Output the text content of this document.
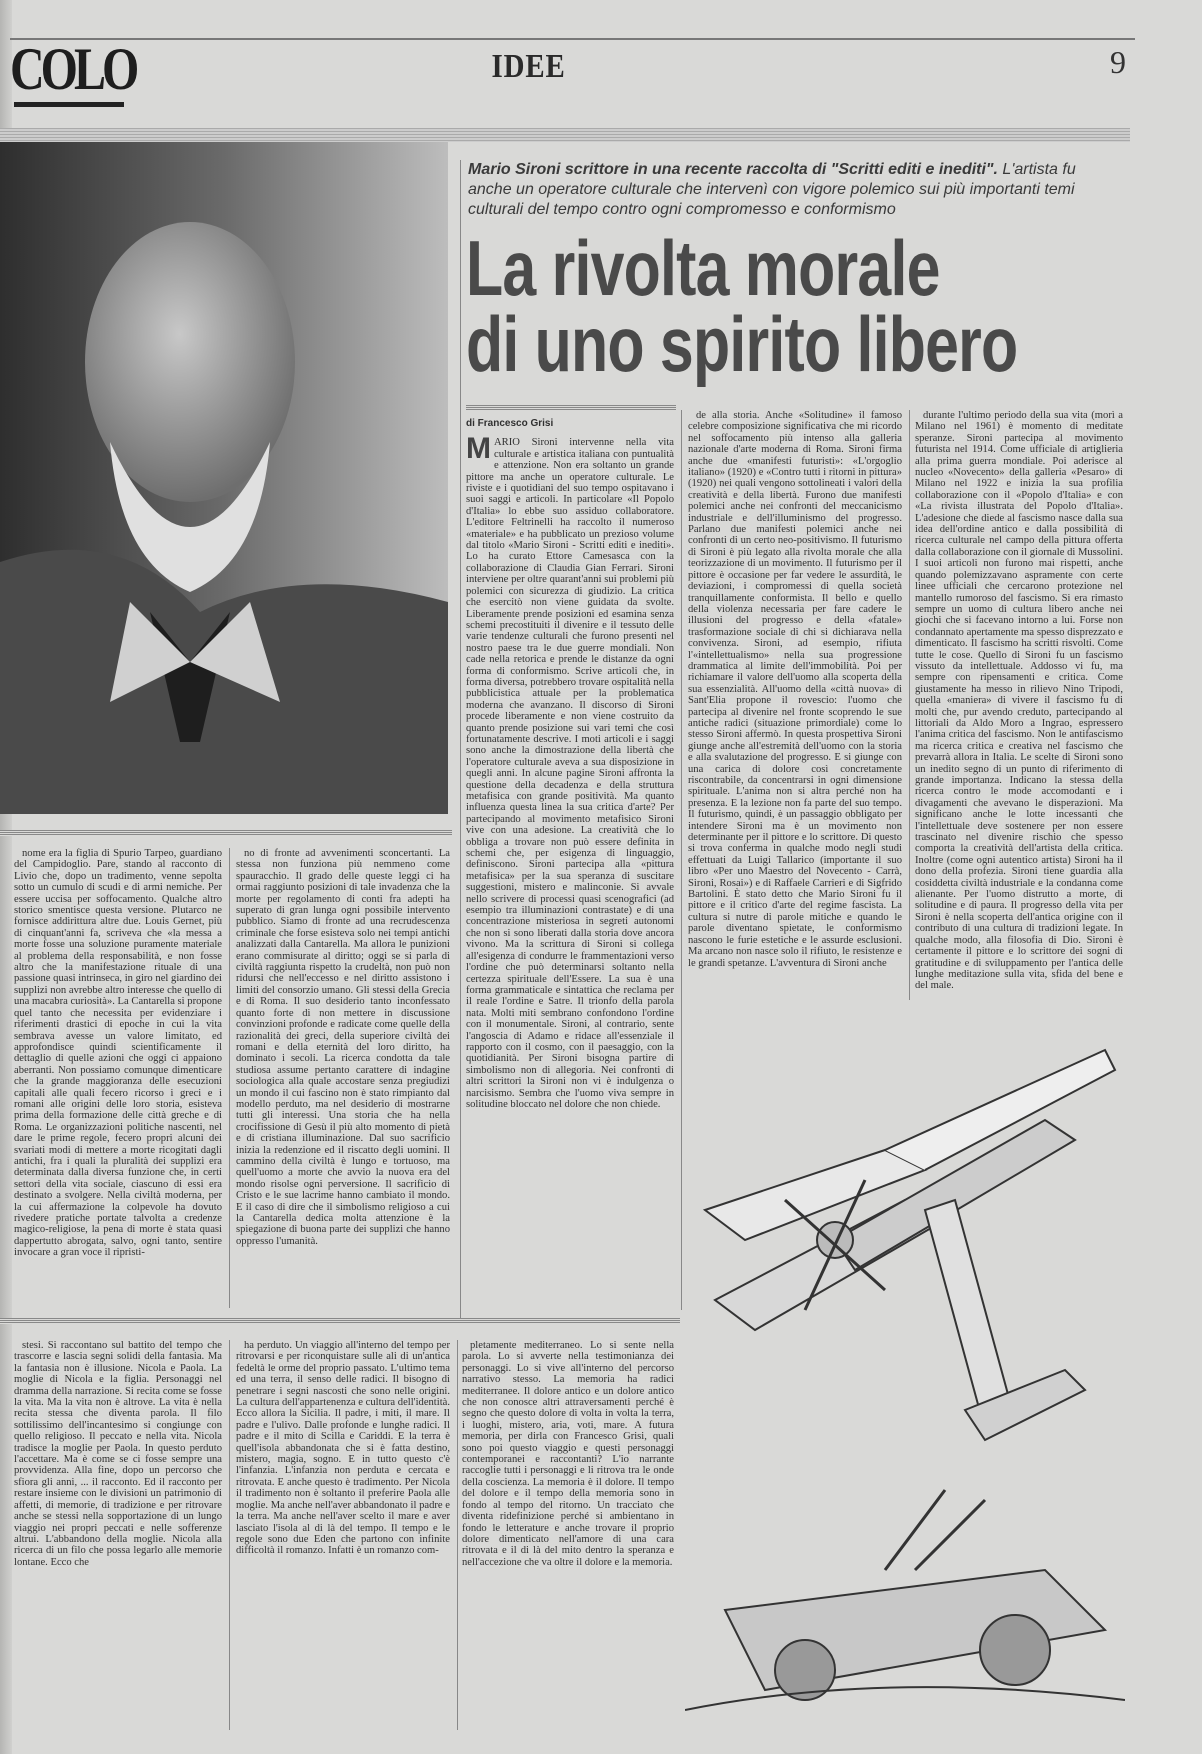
COLO	IDEE	9
Mario Sironi scrittore in una recente raccolta di "Scritti editi e inediti". L'artista fu anche un operatore culturale che intervenì con vigore polemico sui più importanti temi culturali del tempo contro ogni compromesso e conformismo
La rivolta morale
di uno spirito libero
di Francesco Grisi
M ARIO Sironi intervenne nella vita culturale e artistica italiana con puntualità e attenzione. Non era soltanto un grande pittore ma anche un operatore culturale. Le riviste e i quotidiani del suo tempo ospitavano i suoi saggi e articoli. In particolare «Il Popolo d'Italia» lo ebbe suo assiduo collaboratore. L'editore Feltrinelli ha raccolto il numeroso «materiale» e ha pubblicato un prezioso volume dal titolo «Mario Sironi - Scritti editi e inediti». Lo ha curato Ettore Camesasca con la collaborazione di Claudia Gian Ferrari. Sironi interviene per oltre quarant'anni sui problemi più polemici con sicurezza di giudizio. La critica che esercitò non viene guidata da svolte. Liberamente prende posizioni ed esamina senza schemi precostituiti il divenire e il tessuto delle varie tendenze culturali che furono presenti nel nostro paese tra le due guerre mondiali. Non cade nella retorica e prende le distanze da ogni forma di conformismo. Scrive articoli che, in forma diversa, potrebbero trovare ospitalità nella pubblicistica attuale per la problematica moderna che avanzano. Il discorso di Sironi procede liberamente e non viene costruito da quanto prende posizione sui vari temi che così fortunatamente descrive. I moti articoli e i saggi sono anche la dimostrazione della libertà che l'operatore culturale aveva a sua disposizione in quegli anni. In alcune pagine Sironi affronta la questione della decadenza e della struttura metafisica con grande positività. Ma quanto influenza questa linea la sua critica d'arte? Per partecipando al movimento metafisico Sironi vive con una adesione. La creatività che lo obbliga a trovare non può essere definita in schemi che, per esigenza di linguaggio, definiscono. Sironi partecipa alla «pittura metafisica» per la sua speranza di suscitare suggestioni, mistero e malinconie. Si avvale nello scrivere di processi quasi scenografici (ad esempio tra illuminazioni contrastate) e di una concentrazione misteriosa in segreti autonomi che non si sono liberati dalla storia dove ancora vivono. Ma la scrittura di Sironi si collega all'esigenza di condurre le frammentazioni verso l'ordine che può determinarsi soltanto nella certezza spirituale dell'Essere. La sua è una forma grammaticale e sintattica che reclama per il reale l'ordine e Satre. Il trionfo della parola nata. Molti miti sembrano confondono l'ordine con il monumentale. Sironi, al contrario, sente l'angoscia di Adamo e ridace all'essenziale il rapporto con il cosmo, con il paesaggio, con la quotidianità. Per Sironi bisogna partire di simbolismo non di allegoria. Nei confronti di altri scrittori la Sironi non vi è indulgenza o narcisismo. Sembra che l'uomo viva sempre in solitudine bloccato nel dolore che non chiede.

de alla storia. Anche «Solitudine» il famoso celebre composizione significativa che mi ricordo nel soffocamento più intenso alla galleria nazionale d'arte moderna di Roma. Sironi firma anche due «manifesti futuristi»: «L'orgoglio italiano» (1920) e «Contro tutti i ritorni in pittura» (1920) nei quali vengono sottolineati i valori della creatività e della libertà. Furono due manifesti polemici anche nei confronti del meccanicismo industriale e dell'illuminismo del progresso. Parlano due manifesti polemici anche nei confronti di un certo neo-positivismo. Il futurismo di Sironi è più legato alla rivolta morale che alla teorizzazione di un movimento. Il futurismo per il pittore è occasione per far vedere le assurdità, le deviazioni, i compromessi di quella società tranquillamente conformista. Il bello e quello della violenza necessaria per fare cadere le illusioni del progresso e della «fatale» trasformazione sociale di chi si dichiarava nella convivenza. Sironi, ad esempio, rifiuta l'«intellettualismo» nella sua progressione drammatica al limite dell'immobilità. Poi per richiamare il valore dell'uomo alla scoperta della sua essenzialità. All'uomo della «città nuova» di Sant'Elia propone il rovescio: l'uomo che partecipa al divenire nel fronte scoprendo le sue antiche radici (situazione primordiale) come lo stesso Sironi affermò. In questa prospettiva Sironi giunge anche all'estremità dell'uomo con la storia e alla svalutazione del progresso. E si giunge con una carica di dolore così concretamente riscontrabile, da concentrarsi in ogni dimensione spirituale. L'anima non si altra perché non ha presenza. E la lezione non fa parte del suo tempo. Il futurismo, quindi, è un passaggio obbligato per intendere Sironi ma è un movimento non determinante per il pittore e lo scrittore. Di questo si trova conferma in qualche modo negli studi effettuati da Luigi Tallarico (importante il suo libro «Per uno Maestro del Novecento - Carrà, Sironi, Rosai») e di Raffaele Carrieri e di Sigfrido Bartolini. È stato detto che Mario Sironi fu il pittore e il critico d'arte del regime fascista. La cultura si nutre di parole mitiche e quando le parole diventano spietate, le conformismo nascono le furie estetiche e le assurde esclusioni. Ma arcano non nasce solo il rifiuto, le resistenze e le grandi spetanze. L'avventura di Sironi anche

durante l'ultimo periodo della sua vita (morì a Milano nel 1961) è momento di meditate speranze. Sironi partecipa al movimento futurista nel 1914. Come ufficiale di artiglieria alla prima guerra mondiale. Poi aderisce al nucleo «Novecento» della galleria «Pesaro» di Milano nel 1922 e inizia la sua profilia collaborazione con il «Popolo d'Italia» e con «La rivista illustrata del Popolo d'Italia». L'adesione che diede al fascismo nasce dalla sua idea dell'ordine antico e dalla possibilità di ricerca culturale nel campo della pittura offerta dalla collaborazione con il giornale di Mussolini. I suoi articoli non furono mai rispetti, anche quando polemizzavano aspramente con certe linee ufficiali che cercarono protezione nel mantello rumoroso del fascismo. Si era rimasto sempre un uomo di cultura libero anche nei giochi che si facevano intorno a lui. Forse non condannato apertamente ma spesso disprezzato e dimenticato. Il fascismo ha scritti risvolti. Come tutte le cose. Quello di Sironi fu un fascismo vissuto da intellettuale. Addosso vi fu, ma sempre con ripensamenti e critica. Come giustamente ha messo in rilievo Nino Tripodi, quella «maniera» di vivere il fascismo fu di molti che, pur avendo creduto, partecipando al littoriali da Aldo Moro a Ingrao, espressero l'anima critica del fascismo. Non le antifascismo ma ricerca critica e creativa nel fascismo che prevarrà allora in Italia. Le scelte di Sironi sono un inedito segno di un punto di riferimento di grande importanza. Indicano la stessa della ricerca contro le mode accomodanti e i divagamenti che avevano le disperazioni. Ma significano anche le lotte incessanti che l'intellettuale deve sostenere per non essere trascinato nel divenire rischio che spesso comporta la creatività dell'artista della critica. Inoltre (come ogni autentico artista) Sironi ha il dono della profezia. Sironi tiene guardia alla cosiddetta civiltà industriale e la condanna come alienante. Per l'uomo distrutto a morte, di solitudine e di paura. Il progresso della vita per Sironi è nella scoperta dell'antica origine con il contributo di una cultura di tradizioni legate. In qualche modo, alla filosofia di Dio. Sironi è certamente il pittore e lo scrittore dei sogni di gratitudine e di sviluppamento per l'antica delle lunghe meditazione sulla vita, sfida del bene e del male.

nome era la figlia di Spurio Tarpeo, guardiano del Campidoglio. Pare, stando al racconto di Livio che, dopo un tradimento, venne sepolta sotto un cumulo di scudi e di armi nemiche. Per essere uccisa per soffocamento. Qualche altro storico smentisce questa versione. Plutarco ne fornisce addirittura altre due. Louis Gernet, più di cinquant'anni fa, scriveva che «la messa a morte fosse una soluzione puramente materiale al problema della responsabilità, e non fosse altro che la manifestazione rituale di una passione quasi intrinseca, in giro nel giardino dei supplizi non avrebbe altro interesse che quello di una macabra curiosità». La Cantarella si propone quel tanto che necessita per evidenziare i riferimenti drastici di epoche in cui la vita sembrava avesse un valore limitato, ed approfondisce quindi scientificamente il dettaglio di quelle azioni che oggi ci appaiono aberranti. Non possiamo comunque dimenticare che la grande maggioranza delle esecuzioni capitali alle quali fecero ricorso i greci e i romani alle origini delle loro storia, esisteva prima della formazione delle città greche e di Roma. Le organizzazioni politiche nascenti, nel dare le prime regole, fecero propri alcuni dei svariati modi di mettere a morte ricogitati dagli antichi, fra i quali la pluralità dei supplizi era determinata dalla diversa funzione che, in certi settori della vita sociale, ciascuno di essi era destinato a svolgere. Nella civiltà moderna, per la cui affermazione la colpevole ha dovuto rivedere pratiche portate talvolta a credenze magico-religiose, la pena di morte è stata quasi dappertutto abrogata, salvo, ogni tanto, sentire invocare a gran voce il ripristi-

no di fronte ad avvenimenti sconcertanti. La stessa non funziona più nemmeno come spauracchio. Il grado delle queste leggi ci ha ormai raggiunto posizioni di tale invadenza che la morte per regolamento di conti fra adepti ha superato di gran lunga ogni possibile intervento pubblico. Siamo di fronte ad una recrudescenza criminale che forse esisteva solo nei tempi antichi analizzati dalla Cantarella. Ma allora le punizioni erano commisurate al diritto; oggi se si parla di civiltà raggiunta rispetto la crudeltà, non può non ridursi che nell'eccesso e nel diritto assistono i limiti del consorzio umano. Gli stessi della Grecia e di Roma. Il suo desiderio tanto inconfessato quanto forte di non mettere in discussione convinzioni profonde e radicate come quelle della razionalità dei greci, della superiore civiltà dei romani e della eternità del loro diritto, ha dominato i secoli. La ricerca condotta da tale studiosa assume pertanto carattere di indagine sociologica alla quale accostare senza pregiudizi un mondo il cui fascino non è stato rimpianto dal modello perduto, ma nel desiderio di mostrarne tutti gli interessi. Una storia che ha nella crocifissione di Gesù il più alto momento di pietà e di cristiana illuminazione. Dal suo sacrificio inizia la redenzione ed il riscatto degli uomini. Il cammino della civiltà è lungo e tortuoso, ma quell'uomo a morte che avvio la nuova era del mondo risolse ogni perversione. Il sacrificio di Cristo e le sue lacrime hanno cambiato il mondo. E il caso di dire che il simbolismo religioso a cui la Cantarella dedica molta attenzione è la spiegazione di buona parte dei supplizi che hanno oppresso l'umanità.

stesi. Si raccontano sul battito del tempo che trascorre e lascia segni solidi della fantasia. Ma la fantasia non è illusione. Nicola e Paola. La moglie di Nicola e la figlia. Personaggi nel dramma della narrazione. Si recita come se fosse la vita. Ma la vita non è altrove. La vita è nella recita stessa che diventa parola. Il filo sottilissimo dell'incantesimo si congiunge con quello religioso. Il peccato e nella vita. Nicola tradisce la moglie per Paola. In questo perduto l'accettare. Ma è come se ci fosse sempre una provvidenza. Alla fine, dopo un percorso che sfiora gli anni, ... il racconto. Ed il racconto per restare insieme con le divisioni un patrimonio di affetti, di memorie, di tradizione e per ritrovare anche se stessi nella sopportazione di un lungo viaggio nei propri peccati e nelle sofferenze altrui. L'abbandono della moglie. Nicola alla ricerca di un filo che possa legarlo alle memorie lontane. Ecco che

ha perduto. Un viaggio all'interno del tempo per ritrovarsi e per riconquistare sulle ali di un'antica fedeltà le orme del proprio passato. L'ultimo tema ed una terra, il senso delle radici. Il bisogno di penetrare i segni nascosti che sono nelle origini. La cultura dell'appartenenza e cultura dell'identità. Ecco allora la Sicilia. Il padre, i miti, il mare. Il padre e l'ulivo. Dalle profonde e lunghe radici. Il padre e il mito di Scilla e Cariddi. E la terra è quell'isola abbandonata che si è fatta destino, mistero, magia, sogno. E in tutto questo c'è l'infanzia. L'infanzia non perduta e cercata e ritrovata. E anche questo è tradimento. Per Nicola il tradimento non è soltanto il preferire Paola alle moglie. Ma anche nell'aver abbandonato il padre e la terra. Ma anche nell'aver scelto il mare e aver lasciato l'isola al di là del tempo. Il tempo e le regole sono due Eden che partono con infinite difficoltà il romanzo. Infatti è un romanzo com-

pletamente mediterraneo. Lo si sente nella parola. Lo si avverte nella testimonianza dei personaggi. Lo si vive all'interno del percorso narrativo stesso. La memoria ha radici mediterranee. Il dolore antico e un dolore antico che non conosce altri attraversamenti perché è segno che questo dolore di volta in volta la terra, i luoghi, mistero, aria, voti, mare. A futura memoria, per dirla con Francesco Grisi, quali sono poi questo viaggio e questi personaggi contemporanei e raccontanti? L'io narrante raccoglie tutti i personaggi e li ritrova tra le onde della coscienza. La memoria è il dolore. Il tempo del dolore e il tempo della memoria sono in fondo al tempo del ritorno. Un tracciato che diventa ridefinizione perché si ambientano in fondo le letterature e anche trovare il proprio dolore dimenticato nell'amore di una cara ritrovata e il di là del mito dentro la speranza e nell'accezione che va oltre il dolore e la memoria.
